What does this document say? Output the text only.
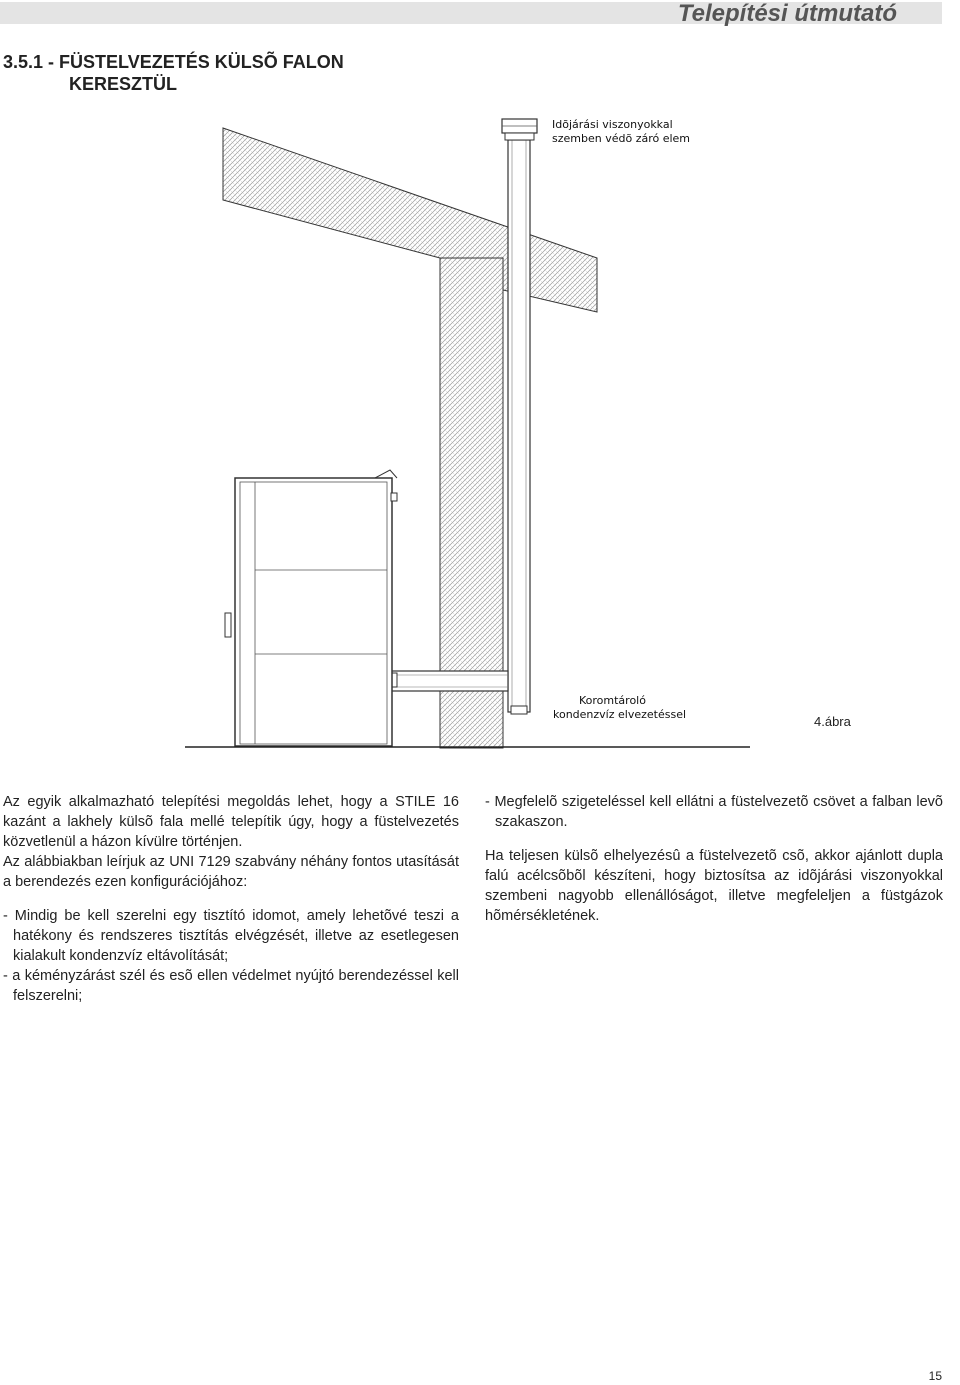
Telepítési útmutató
3.5.1 - FÜSTELVEZETÉS KÜLSÕ FALON
KERESZTÜL
Idõjárási viszonyokkal
szemben védõ záró elem
Koromtároló
kondenzvíz elvezetéssel	4.ábra

Az egyik alkalmazható telepítési megoldás lehet, hogy a STILE 16 kazánt a lakhely külsõ fala mellé telepítik úgy, hogy a füstelvezetés közvetlenül a házon kívülre történjen.

Az alábbiakban leírjuk az UNI 7129 szabvány néhány fontos utasítását a berendezés ezen konfigurációjához:

- Mindig be kell szerelni egy tisztító idomot, amely lehetõvé teszi a hatékony és rendszeres tisztítás elvégzését, illetve az esetlegesen kialakult kondenzvíz eltávolítását;

- a kéményzárást szél és esõ ellen védelmet nyújtó berendezéssel kell felszerelni;

- Megfelelõ szigeteléssel kell ellátni a füstelvezetõ csövet a falban levõ szakaszon.

Ha teljesen külsõ elhelyezésû a füstelvezetõ csõ, akkor ajánlott dupla falú acélcsõbõl készíteni, hogy biztosítsa az idõjárási viszonyokkal szembeni nagyobb ellenállóságot, illetve megfeleljen a füstgázok hõmérsékletének.

15
